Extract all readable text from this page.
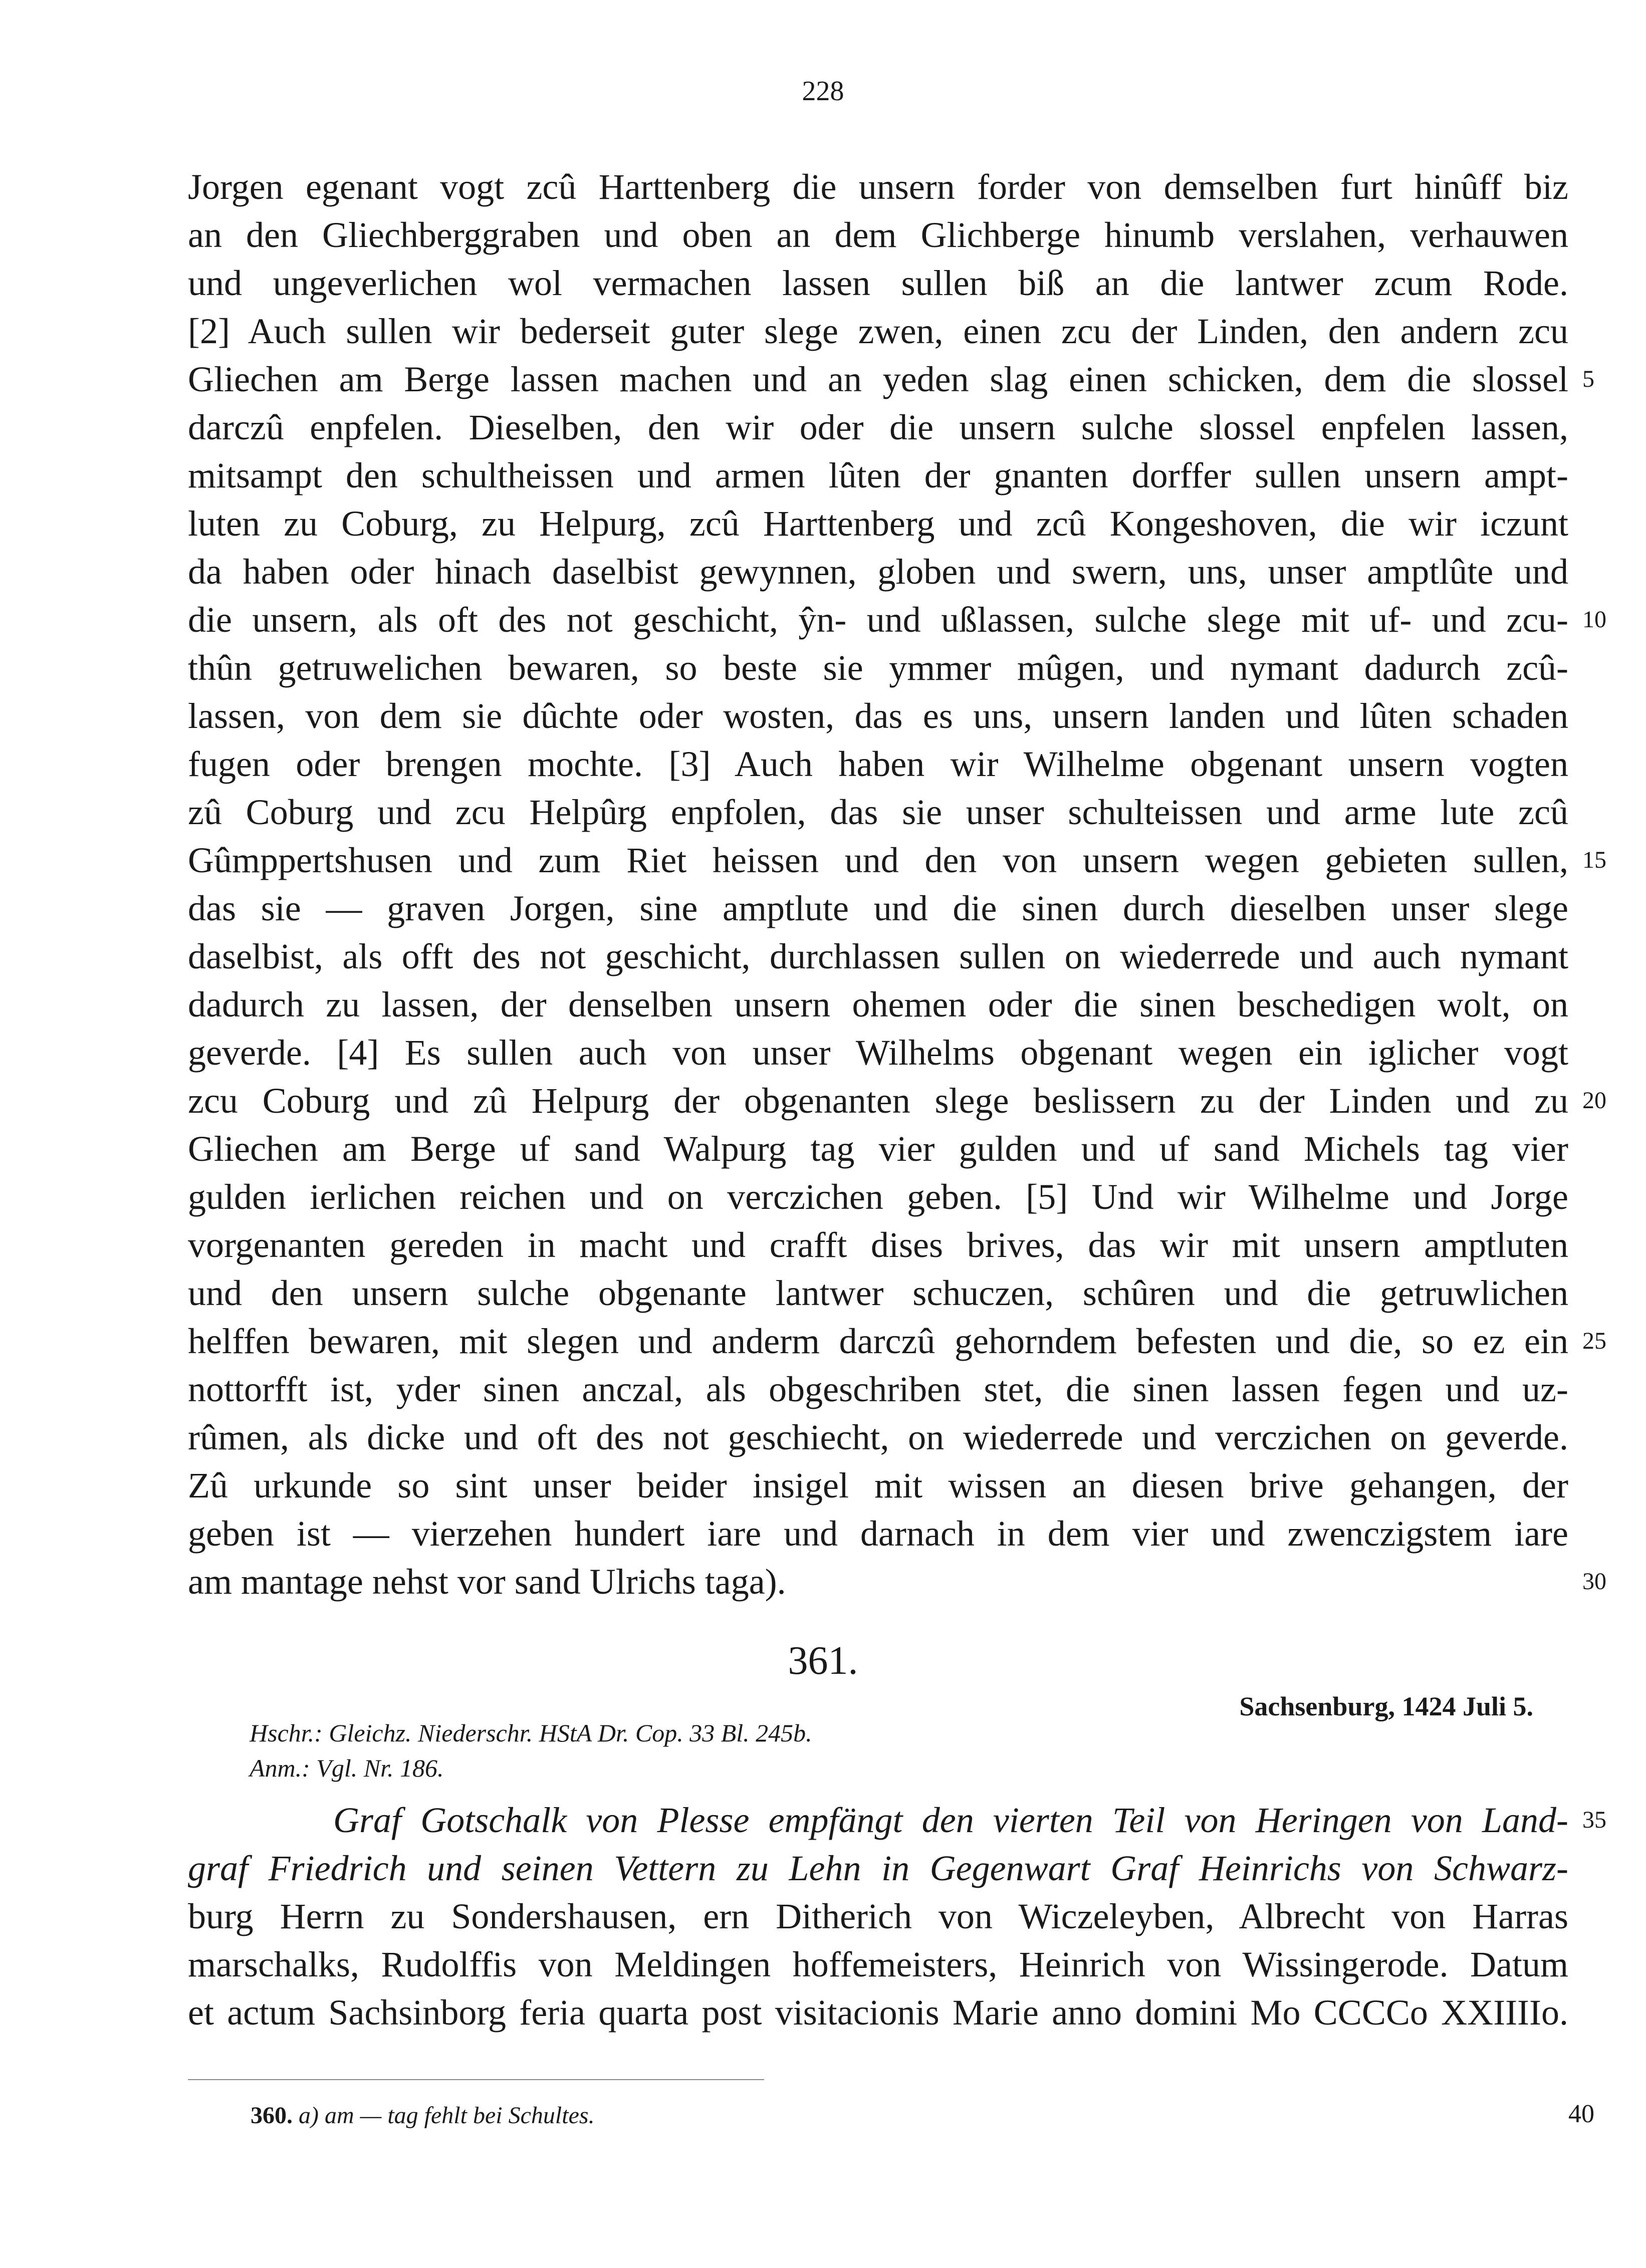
228
Jorgen egenant vogt zcû Harttenberg die unsern forder von demselben furt hinûff biz
an den Gliechberggraben und oben an dem Glichberge hinumb verslahen, verhauwen
und ungeverlichen wol vermachen lassen sullen biß an die lantwer zcum Rode.
[2] Auch sullen wir bederseit guter slege zwen, einen zcu der Linden, den andern zcu
Gliechen am Berge lassen machen und an yeden slag einen schicken, dem die slossel 5
darczû enpfelen. Dieselben, den wir oder die unsern sulche slossel enpfelen lassen,
mitsampt den schultheissen und armen lûten der gnanten dorffer sullen unsern ampt-
luten zu Coburg, zu Helpurg, zcû Harttenberg und zcû Kongeshoven, die wir iczunt
da haben oder hinach daselbist gewynnen, globen und swern, uns, unser amptlûte und
die unsern, als oft des not geschicht, ŷn- und ußlassen, sulche slege mit uf- und zcu- 10
thûn getruwelichen bewaren, so beste sie ymmer mûgen, und nymant dadurch zcû-
lassen, von dem sie dûchte oder wosten, das es uns, unsern landen und lûten schaden
fugen oder brengen mochte. [3] Auch haben wir Wilhelme obgenant unsern vogten
zû Coburg und zcu Helpûrg enpfolen, das sie unser schulteissen und arme lute zcû
Gûmppertshusen und zum Riet heissen und den von unsern wegen gebieten sullen, 15
das sie — graven Jorgen, sine amptlute und die sinen durch dieselben unser slege
daselbist, als offt des not geschicht, durchlassen sullen on wiederrede und auch nymant
dadurch zu lassen, der denselben unsern ohemen oder die sinen beschedigen wolt, on
geverde. [4] Es sullen auch von unser Wilhelms obgenant wegen ein iglicher vogt
zcu Coburg und zû Helpurg der obgenanten slege beslissern zu der Linden und zu 20
Gliechen am Berge uf sand Walpurg tag vier gulden und uf sand Michels tag vier
gulden ierlichen reichen und on verczichen geben. [5] Und wir Wilhelme und Jorge
vorgenanten gereden in macht und crafft dises brives, das wir mit unsern amptluten
und den unsern sulche obgenante lantwer schuczen, schûren und die getruwlichen
helffen bewaren, mit slegen und anderm darczû gehorndem befesten und die, so ez ein 25
nottorfft ist, yder sinen anczal, als obgeschriben stet, die sinen lassen fegen und uz-
rûmen, als dicke und oft des not geschiecht, on wiederrede und verczichen on geverde.
Zû urkunde so sint unser beider insigel mit wissen an diesen brive gehangen, der
geben ist — vierzehen hundert iare und darnach in dem vier und zwenczigstem iare
am mantage nehst vor sand Ulrichs taga).	30
361.
Sachsenburg, 1424 Juli 5.
Hschr.: Gleichz. Niederschr. HStA Dr. Cop. 33 Bl. 245b.
Anm.: Vgl. Nr. 186.
Graf Gotschalk von Plesse empfängt den vierten Teil von Heringen von Land- 35
graf Friedrich und seinen Vettern zu Lehn in Gegenwart Graf Heinrichs von Schwarz-
burg Herrn zu Sondershausen, ern Ditherich von Wiczeleyben, Albrecht von Harras
marschalks, Rudolffis von Meldingen hoffemeisters, Heinrich von Wissingerode. Datum
et actum Sachsinborg feria quarta post visitacionis Marie anno domini Mo CCCCo XXIIIIo.
360. a) am — tag fehlt bei Schultes.	40
